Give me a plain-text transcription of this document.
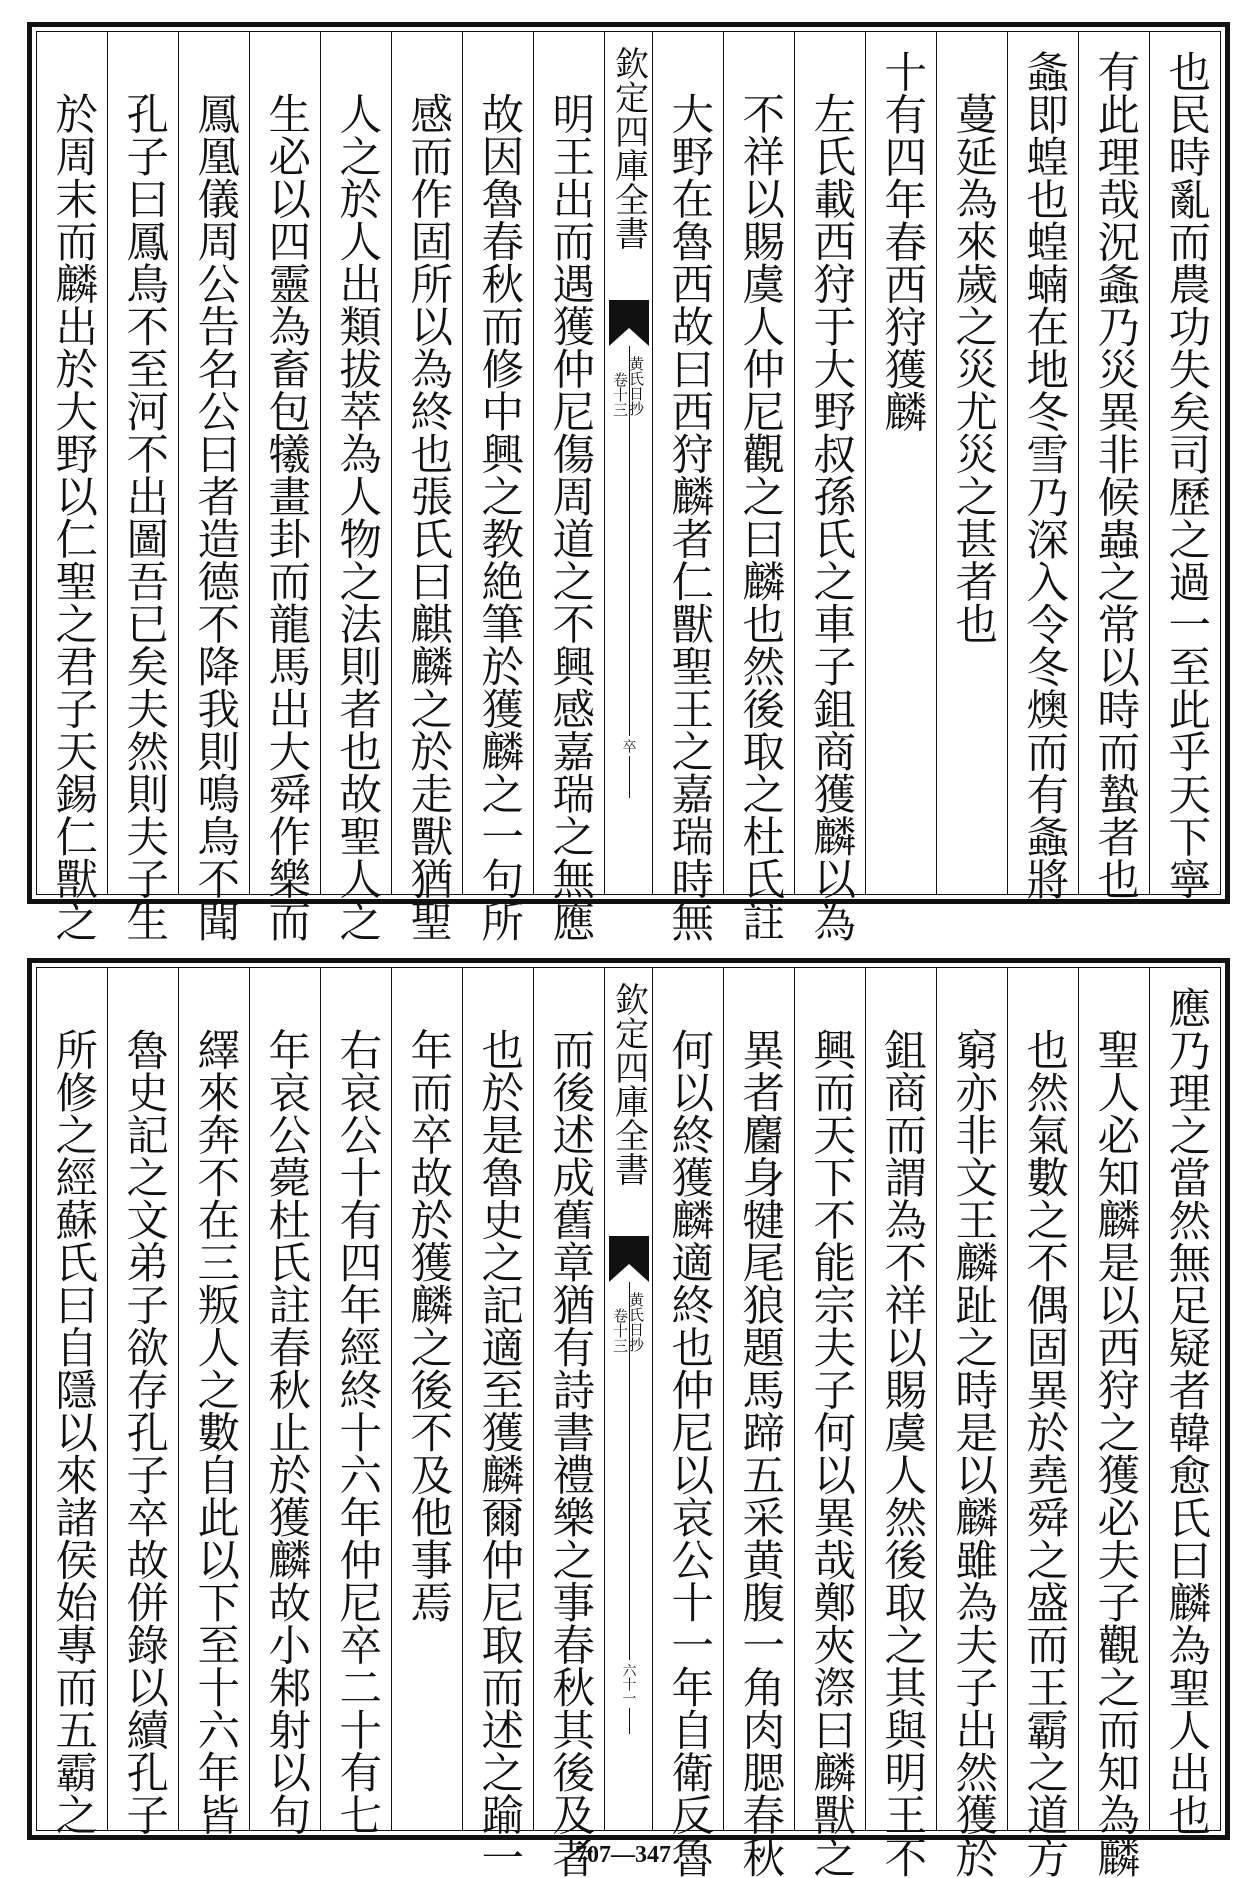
也民時亂而農功失矣司歷之過一至此乎天下寧
有此理哉況螽乃災異非候蟲之常以時而蟄者也
螽即蝗也蝗蝻在地冬雪乃深入令冬燠而有螽將
蔓延為來歲之災尤災之甚者也
十有四年春西狩獲麟
左氏載西狩于大野叔孫氏之車子鉏商獲麟以為
不祥以賜虞人仲尼觀之曰麟也然後取之杜氏註
大野在魯西故曰西狩麟者仁獸聖王之嘉瑞時無
欽定四庫全書
黄氏日抄
卷十三
卒
明王出而遇獲仲尼傷周道之不興感嘉瑞之無應
故因魯春秋而修中興之教絶筆於獲麟之一句所
感而作固所以為終也張氏曰麒麟之於走獸猶聖
人之於人出類拔萃為人物之法則者也故聖人之
生必以四靈為畜包犧畫卦而龍馬出大舜作樂而
鳳凰儀周公告名公曰者造德不降我則鳴鳥不聞
孔子曰鳳鳥不至河不出圖吾已矣夫然則夫子生
於周末而麟出於大野以仁聖之君子天錫仁獸之
應乃理之當然無足疑者韓愈氏曰麟為聖人出也
聖人必知麟是以西狩之獲必夫子觀之而知為麟
也然氣數之不偶固異於堯舜之盛而王霸之道方
窮亦非文王麟趾之時是以麟雖為夫子出然獲於
鉏商而謂為不祥以賜虞人然後取之其與明王不
興而天下不能宗夫子何以異哉鄭夾漈曰麟獸之
異者麕身犍尾狼題馬蹄五采黄腹一角肉腮春秋
何以終獲麟適終也仲尼以哀公十一年自衛反魯
欽定四庫全書
黄氏日抄
卷十三
六十一
而後述成舊章猶有詩書禮樂之事春秋其後及者
也於是魯史之記適至獲麟爾仲尼取而述之踰一
年而卒故於獲麟之後不及他事焉
右哀公十有四年經終十六年仲尼卒二十有七
年哀公薨杜氏註春秋止於獲麟故小邾射以句
繹來奔不在三叛人之數自此以下至十六年皆
魯史記之文弟子欲存孔子卒故併錄以續孔子
所修之經蘇氏曰自隱以來諸侯始專而五霸之
707—347
